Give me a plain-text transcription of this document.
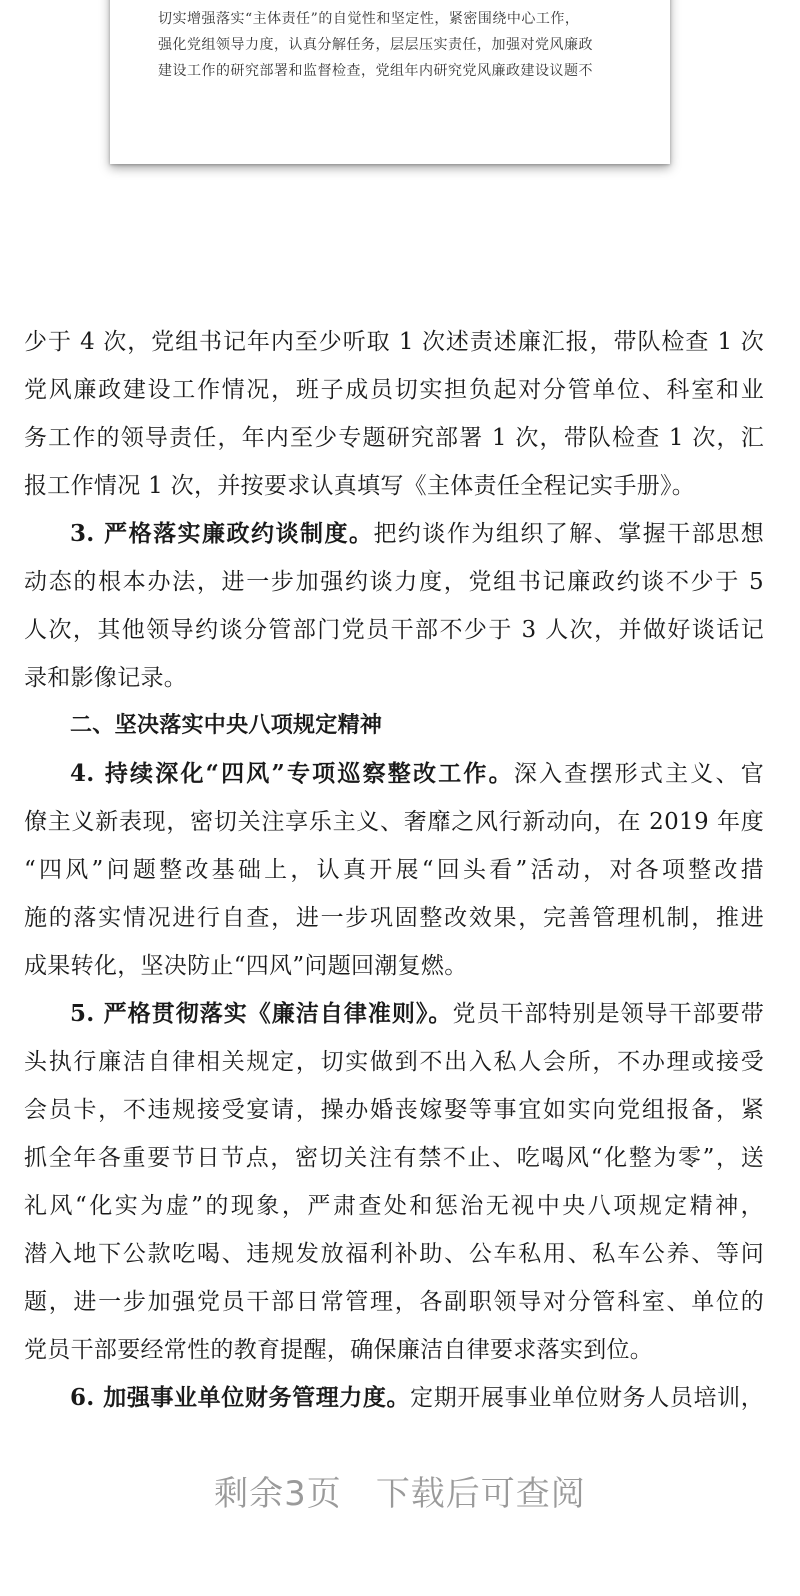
切实增强落实“主体责任”的自觉性和坚定性，紧密围绕中心工作，
强化党组领导力度，认真分解任务，层层压实责任，加强对党风廉政
建设工作的研究部署和监督检查，党组年内研究党风廉政建设议题不
少于 4 次，党组书记年内至少听取 1 次述责述廉汇报，带队检查 1 次
党风廉政建设工作情况，班子成员切实担负起对分管单位、科室和业
务工作的领导责任，年内至少专题研究部署 1 次，带队检查 1 次，汇
报工作情况 1 次，并按要求认真填写《主体责任全程记实手册》。
3. 严格落实廉政约谈制度。把约谈作为组织了解、掌握干部思想
动态的根本办法，进一步加强约谈力度，党组书记廉政约谈不少于 5
人次，其他领导约谈分管部门党员干部不少于 3 人次，并做好谈话记
录和影像记录。
二、坚决落实中央八项规定精神
4. 持续深化“四风”专项巡察整改工作。深入查摆形式主义、官
僚主义新表现，密切关注享乐主义、奢靡之风行新动向，在 2019 年度
“四风”问题整改基础上，认真开展“回头看”活动，对各项整改措
施的落实情况进行自查，进一步巩固整改效果，完善管理机制，推进
成果转化，坚决防止“四风”问题回潮复燃。
5. 严格贯彻落实《廉洁自律准则》。党员干部特别是领导干部要带
头执行廉洁自律相关规定，切实做到不出入私人会所，不办理或接受
会员卡，不违规接受宴请，操办婚丧嫁娶等事宜如实向党组报备，紧
抓全年各重要节日节点，密切关注有禁不止、吃喝风“化整为零”，送
礼风“化实为虚”的现象，严肃查处和惩治无视中央八项规定精神，
潜入地下公款吃喝、违规发放福利补助、公车私用、私车公养、等问
题，进一步加强党员干部日常管理，各副职领导对分管科室、单位的
党员干部要经常性的教育提醒，确保廉洁自律要求落实到位。
6. 加强事业单位财务管理力度。定期开展事业单位财务人员培训，
剩余3页 下载后可查阅
